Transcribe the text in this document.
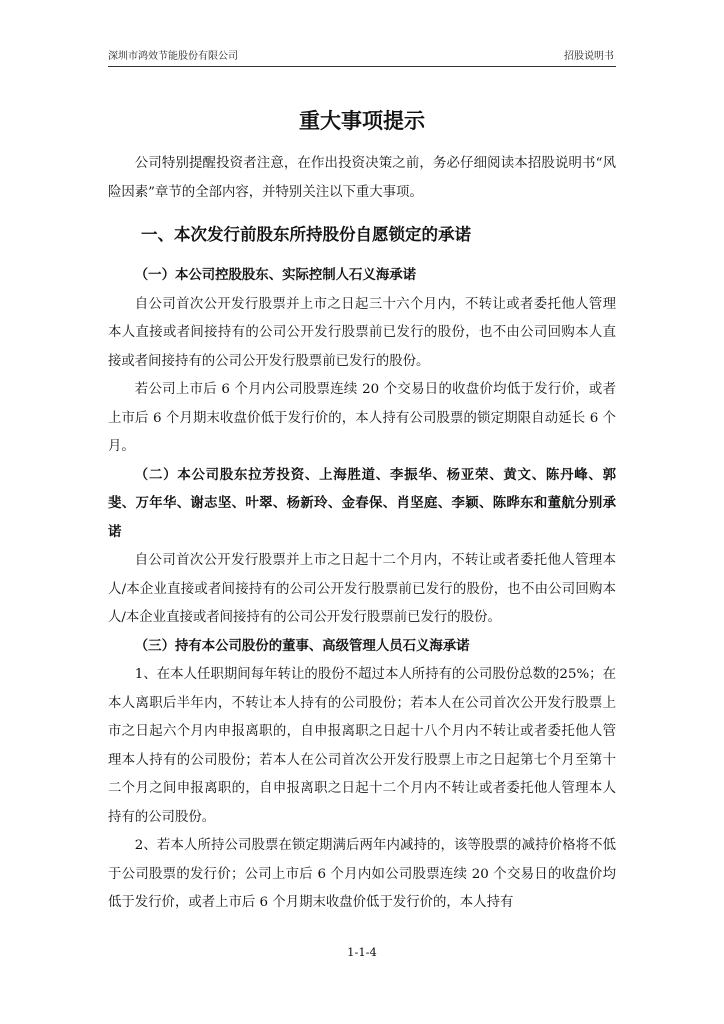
深圳市鸿效节能股份有限公司	招股说明书
重大事项提示

公司特别提醒投资者注意，在作出投资决策之前，务必仔细阅读本招股说明书“风险因素”章节的全部内容，并特别关注以下重大事项。

一、本次发行前股东所持股份自愿锁定的承诺

（一）本公司控股股东、实际控制人石义海承诺

自公司首次公开发行股票并上市之日起三十六个月内，不转让或者委托他人管理本人直接或者间接持有的公司公开发行股票前已发行的股份，也不由公司回购本人直接或者间接持有的公司公开发行股票前已发行的股份。

若公司上市后 6 个月内公司股票连续 20 个交易日的收盘价均低于发行价，或者上市后 6 个月期末收盘价低于发行价的，本人持有公司股票的锁定期限自动延长 6 个月。

（二）本公司股东拉芳投资、上海胜道、李振华、杨亚荣、黄文、陈丹峰、郭斐、万年华、谢志坚、叶翠、杨新玲、金春保、肖坚庭、李颖、陈晔东和董航分别承诺

自公司首次公开发行股票并上市之日起十二个月内，不转让或者委托他人管理本人/本企业直接或者间接持有的公司公开发行股票前已发行的股份，也不由公司回购本人/本企业直接或者间接持有的公司公开发行股票前已发行的股份。

（三）持有本公司股份的董事、高级管理人员石义海承诺

1、在本人任职期间每年转让的股份不超过本人所持有的公司股份总数的25%；在本人离职后半年内，不转让本人持有的公司股份；若本人在公司首次公开发行股票上市之日起六个月内申报离职的，自申报离职之日起十八个月内不转让或者委托他人管理本人持有的公司股份；若本人在公司首次公开发行股票上市之日起第七个月至第十二个月之间申报离职的，自申报离职之日起十二个月内不转让或者委托他人管理本人持有的公司股份。

2、若本人所持公司股票在锁定期满后两年内减持的，该等股票的减持价格将不低于公司股票的发行价；公司上市后 6 个月内如公司股票连续 20 个交易日的收盘价均低于发行价，或者上市后 6 个月期末收盘价低于发行价的，本人持有

1-1-4
